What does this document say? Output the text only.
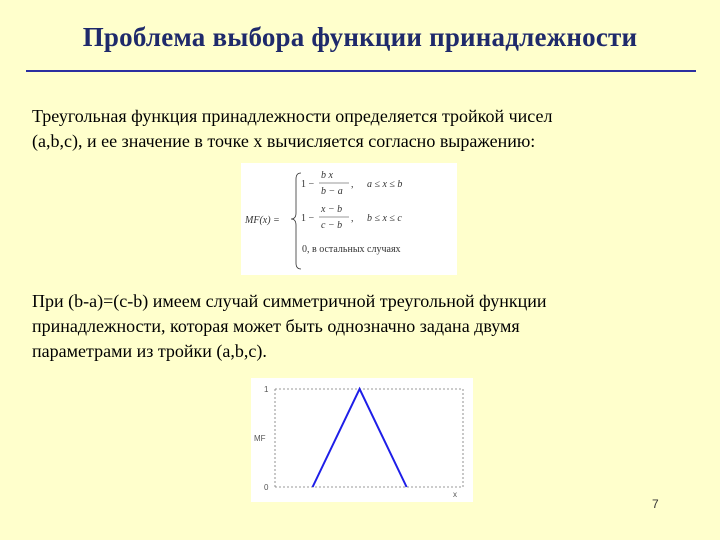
Проблема выбора функции принадлежности
Треугольная функция принадлежности определяется тройкой чисел
(a,b,c), и ее значение в точке x вычисляется согласно выражению:
MF(x) =
1 −
b x
b − a
, a ≤ x ≤ b
1 −
x − b
c − b
, b ≤ x ≤ c
0, в остальных случаях
При (b-a)=(c-b) имеем случай симметричной треугольной функции
принадлежности, которая может быть однозначно задана двумя
параметрами из тройки (a,b,c).
1
0
MF
x
7
